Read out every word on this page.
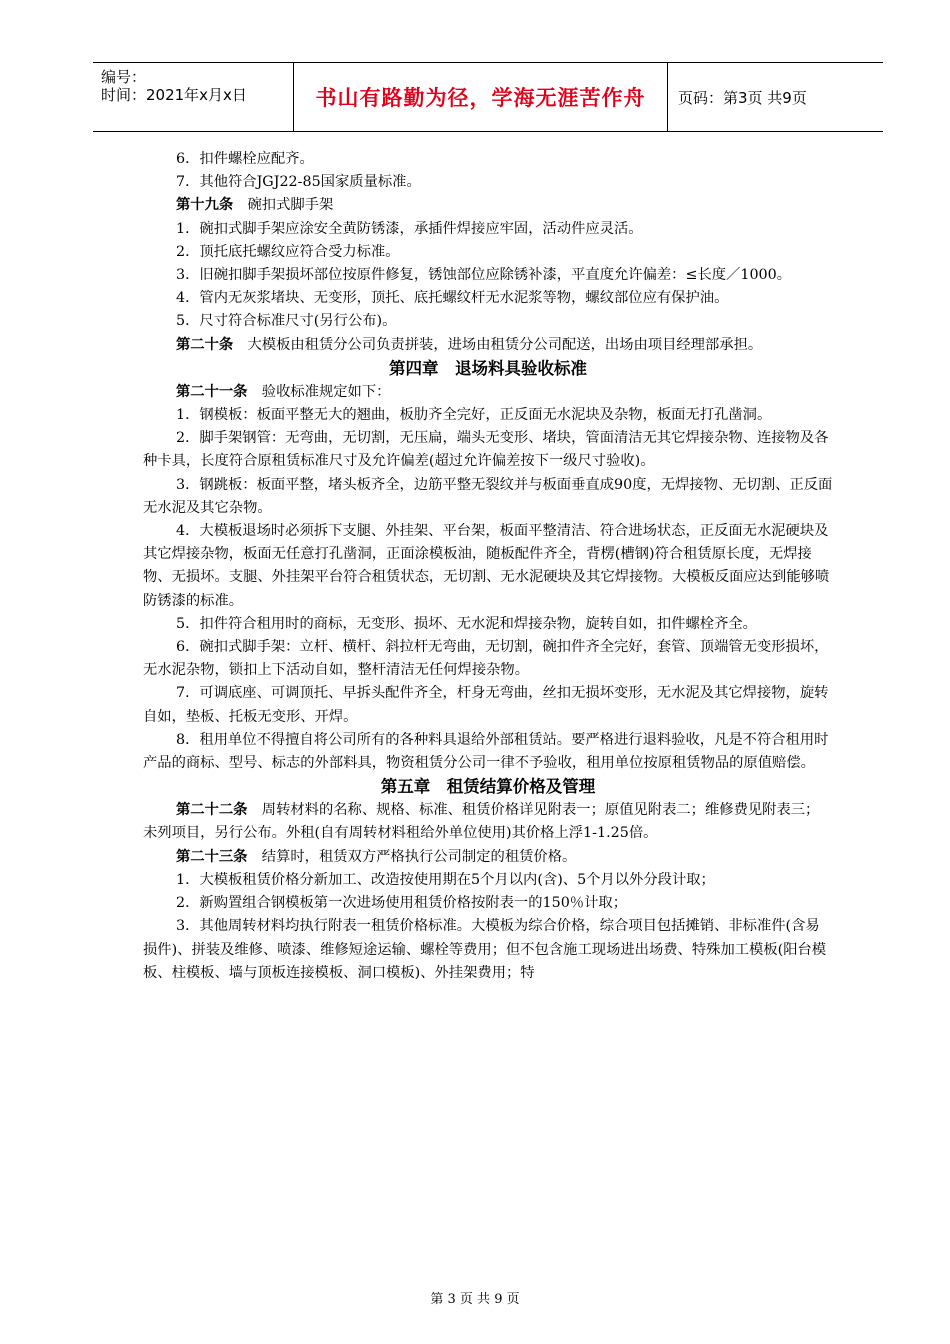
编号：
时间：2021年x月x日	书山有路勤为径，学海无涯苦作舟	页码：第3页 共9页

6．扣件螺栓应配齐。

7．其他符合JGJ22-85国家质量标准。

第十九条　碗扣式脚手架

1．碗扣式脚手架应涂安全黄防锈漆，承插件焊接应牢固，活动件应灵活。

2．顶托底托螺纹应符合受力标准。

3．旧碗扣脚手架损坏部位按原件修复，锈蚀部位应除锈补漆，平直度允许偏差：≤长度／1000。

4．管内无灰浆堵块、无变形，顶托、底托螺纹杆无水泥浆等物，螺纹部位应有保护油。

5．尺寸符合标准尺寸(另行公布)。

第二十条　大模板由租赁分公司负责拼装，进场由租赁分公司配送，出场由项目经理部承担。

第四章　退场料具验收标准

第二十一条　验收标准规定如下：

1．钢模板：板面平整无大的翘曲，板肋齐全完好，正反面无水泥块及杂物，板面无打孔凿洞。

2．脚手架钢管：无弯曲，无切割，无压扁，端头无变形、堵块，管面清洁无其它焊接杂物、连接物及各种卡具，长度符合原租赁标准尺寸及允许偏差(超过允许偏差按下一级尺寸验收)。

3．钢跳板：板面平整，堵头板齐全，边筋平整无裂纹并与板面垂直成90度，无焊接物、无切割、正反面无水泥及其它杂物。

4．大模板退场时必须拆下支腿、外挂架、平台架，板面平整清洁、符合进场状态，正反面无水泥硬块及其它焊接杂物，板面无任意打孔凿洞，正面涂模板油，随板配件齐全，背楞(槽钢)符合租赁原长度，无焊接物、无损坏。支腿、外挂架平台符合租赁状态，无切割、无水泥硬块及其它焊接物。大模板反面应达到能够喷防锈漆的标准。

5．扣件符合租用时的商标，无变形、损坏、无水泥和焊接杂物，旋转自如，扣件螺栓齐全。

6．碗扣式脚手架：立杆、横杆、斜拉杆无弯曲，无切割，碗扣件齐全完好，套管、顶端管无变形损坏，无水泥杂物，锁扣上下活动自如，整杆清洁无任何焊接杂物。

7．可调底座、可调顶托、早拆头配件齐全，杆身无弯曲，丝扣无损坏变形，无水泥及其它焊接物，旋转自如，垫板、托板无变形、开焊。

8．租用单位不得擅自将公司所有的各种料具退给外部租赁站。要严格进行退料验收，凡是不符合租用时产品的商标、型号、标志的外部料具，物资租赁分公司一律不予验收，租用单位按原租赁物品的原值赔偿。

第五章　租赁结算价格及管理

第二十二条　周转材料的名称、规格、标准、租赁价格详见附表一；原值见附表二；维修费见附表三；未列项目，另行公布。外租(自有周转材料租给外单位使用)其价格上浮1-1.25倍。

第二十三条　结算时，租赁双方严格执行公司制定的租赁价格。

1．大模板租赁价格分新加工、改造按使用期在5个月以内(含)、5个月以外分段计取；

2．新购置组合钢模板第一次进场使用租赁价格按附表一的150％计取；

3．其他周转材料均执行附表一租赁价格标准。大模板为综合价格，综合项目包括摊销、非标准件(含易损件)、拼装及维修、喷漆、维修短途运输、螺栓等费用；但不包含施工现场进出场费、特殊加工模板(阳台模板、柱模板、墙与顶板连接模板、洞口模板)、外挂架费用；特

第 3 页 共 9 页
